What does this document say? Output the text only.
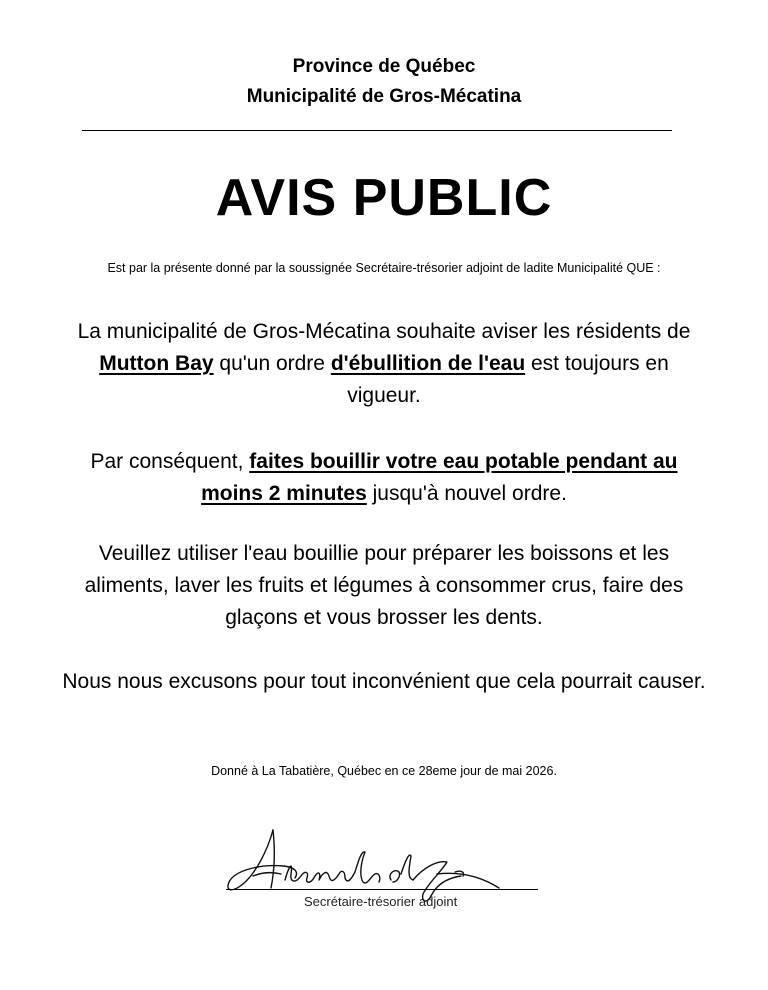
Province de Québec
Municipalité de Gros-Mécatina
AVIS PUBLIC
Est par la présente donné par la soussignée Secrétaire-trésorier adjoint de ladite Municipalité QUE :
La municipalité de Gros-Mécatina souhaite aviser les résidents de Mutton Bay qu'un ordre d'ébullition de l'eau est toujours en vigueur.
Par conséquent, faites bouillir votre eau potable pendant au moins 2 minutes jusqu'à nouvel ordre.
Veuillez utiliser l'eau bouillie pour préparer les boissons et les aliments, laver les fruits et légumes à consommer crus, faire des glaçons et vous brosser les dents.
Nous nous excusons pour tout inconvénient que cela pourrait causer.
Donné à La Tabatière, Québec en ce 28eme jour de mai 2026.
Secrétaire-trésorier adjoint
